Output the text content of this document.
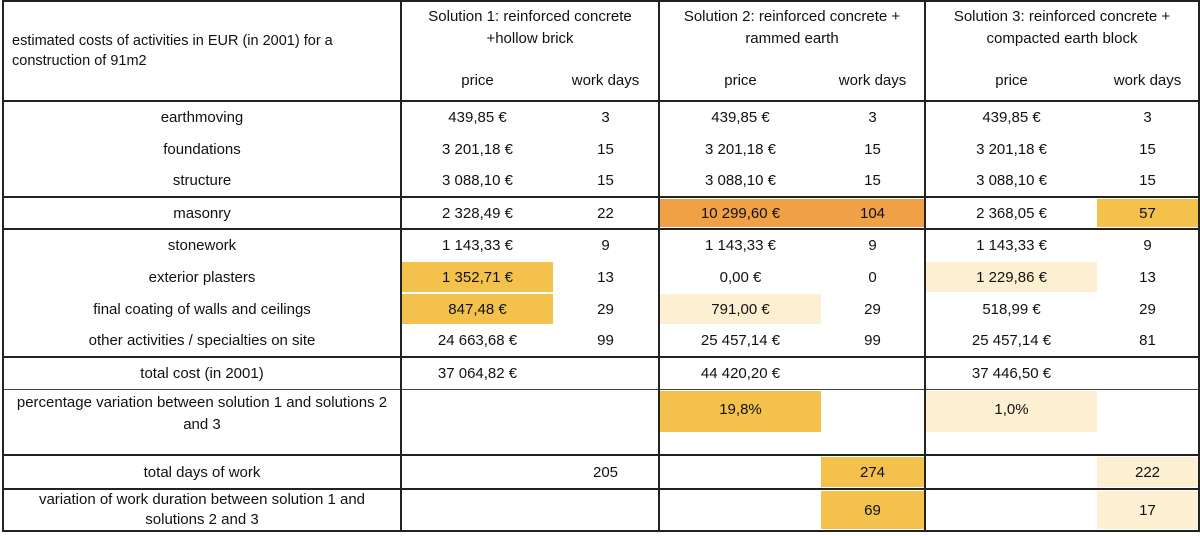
estimated costs of activities in EUR (in 2001) for a construction of 91m2	Solution 1: reinforced concrete +hollow brick		Solution 2: reinforced concrete + rammed earth		Solution 3: reinforced concrete + compacted earth block	
	price	work days	price	work days	price	work days
earthmoving	439,85 €	3	439,85 €	3	439,85 €	3
foundations	3 201,18 €	15	3 201,18 €	15	3 201,18 €	15
structure	3 088,10 €	15	3 088,10 €	15	3 088,10 €	15
masonry	2 328,49 €	22	10 299,60 €	104	2 368,05 €	57
stonework	1 143,33 €	9	1 143,33 €	9	1 143,33 €	9
exterior plasters	1 352,71 €	13	0,00 €	0	1 229,86 €	13
final coating of walls and ceilings	847,48 €	29	791,00 €	29	518,99 €	29
other activities / specialties on site	24 663,68 €	99	25 457,14 €	99	25 457,14 €	81
total cost (in 2001)	37 064,82 €		44 420,20 €		37 446,50 €	
percentage variation between solution 1 and solutions 2 and 3			19,8%		1,0%	

total days of work		205		274		222
variation of work duration between solution 1 and solutions 2 and 3				69		17
